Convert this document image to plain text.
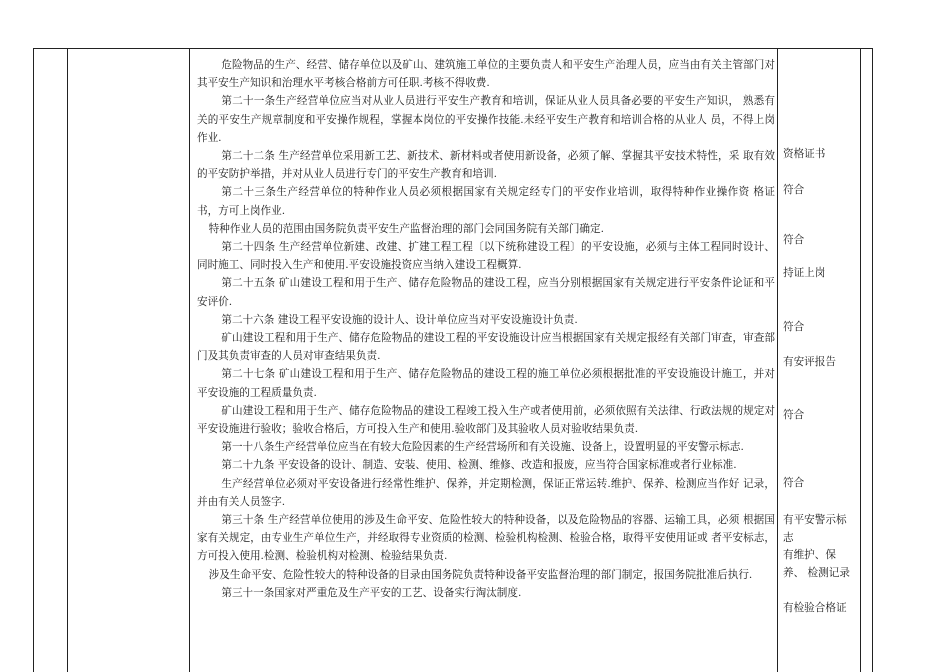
危险物品的生产、经营、储存单位以及矿山、建筑施工单位的主要负责人和平安生产治理人员，应当由有关主管部门对其平安生产知识和治理水平考核合格前方可任职.考核不得收费.

第二十一条生产经营单位应当对从业人员进行平安生产教育和培训，保证从业人员具备必要的平安生产知识， 熟悉有关的平安生产规章制度和平安操作规程，掌握本岗位的平安操作技能.未经平安生产教育和培训合格的从业人 员，不得上岗作业.

第二十二条 生产经营单位采用新工艺、新技术、新材料或者使用新设备，必须了解、掌握其平安技术特性，采 取有效的平安防护举措，并对从业人员进行专门的平安生产教育和培训.

第二十三条生产经营单位的特种作业人员必须根据国家有关规定经专门的平安作业培训，取得特种作业操作资 格证书，方可上岗作业.

特种作业人员的范围由国务院负责平安生产监督治理的部门会同国务院有关部门确定.

第二十四条 生产经营单位新建、改建、扩建工程工程〔以下统称建设工程〕的平安设施，必须与主体工程同时设计、同时施工、同时投入生产和使用.平安设施投资应当纳入建设工程概算.

第二十五条 矿山建设工程和用于生产、储存危险物品的建设工程，应当分别根据国家有关规定进行平安条件论证和平安评价.

第二十六条 建设工程平安设施的设计人、设计单位应当对平安设施设计负责.

矿山建设工程和用于生产、储存危险物品的建设工程的平安设施设计应当根据国家有关规定报经有关部门审查，审查部门及其负责审查的人员对审查结果负责.

第二十七条 矿山建设工程和用于生产、储存危险物品的建设工程的施工单位必须根据批准的平安设施设计施工，并对平安设施的工程质量负责.

矿山建设工程和用于生产、储存危险物品的建设工程竣工投入生产或者使用前，必须依照有关法律、行政法规的规定对平安设施进行验收；验收合格后，方可投入生产和使用.验收部门及其验收人员对验收结果负责.

第一十八条生产经营单位应当在有较大危险因素的生产经营场所和有关设施、设备上，设置明显的平安警示标志.

第二十九条 平安设备的设计、制造、安装、使用、检测、维修、改造和报废，应当符合国家标准或者行业标准.

生产经营单位必须对平安设备进行经常性维护、保养，并定期检测，保证正常运转.维护、保养、检测应当作好 记录，并由有关人员签字.

第三十条 生产经营单位使用的涉及生命平安、危险性较大的特种设备，以及危险物品的容器、运输工具，必须 根据国家有关规定，由专业生产单位生产，并经取得专业资质的检测、检验机构检测、检验合格，取得平安使用证或 者平安标志，方可投入使用.检测、检验机构对检测、检验结果负责.

涉及生命平安、危险性较大的特种设备的目录由国务院负责特种设备平安监督治理的部门制定，报国务院批准后执行.

第三十一条国家对严重危及生产平安的工艺、设备实行淘汰制度.

资格证书
符合
符合
持证上岗
符合
有安评报告
符合
符合
有平安警示标
志
有维护、保
养、 检测记录
有检验合格证
